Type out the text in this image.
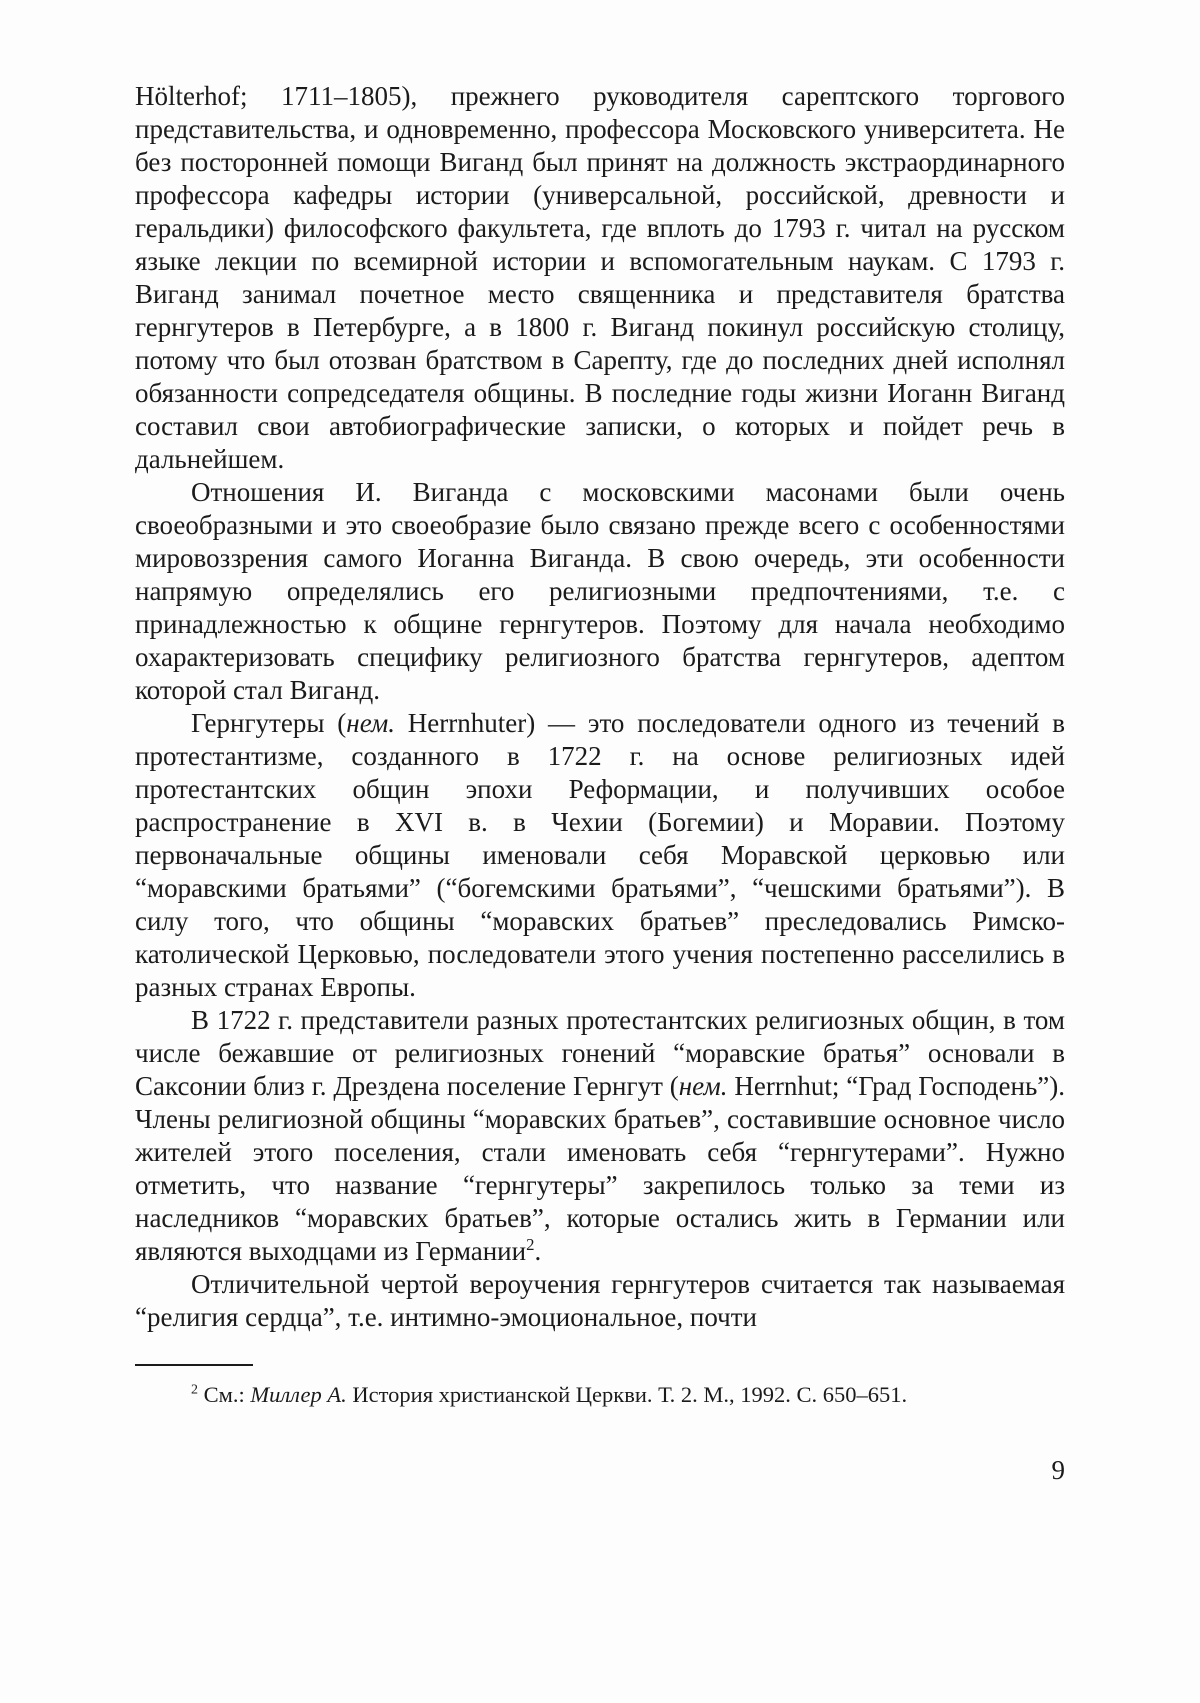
Hölterhof; 1711–1805), прежнего руководителя сарептского торгового представительства, и одновременно, профессора Московского университета. Не без посторонней помощи Виганд был принят на должность экстраординарного профессора кафедры истории (универсальной, российской, древности и геральдики) философского факультета, где вплоть до 1793 г. читал на русском языке лекции по всемирной истории и вспомогательным наукам. С 1793 г. Виганд занимал почетное место священника и представителя братства гернгутеров в Петербурге, а в 1800 г. Виганд покинул российскую столицу, потому что был отозван братством в Сарепту, где до последних дней исполнял обязанности сопредседателя общины. В последние годы жизни Иоганн Виганд составил свои автобиографические записки, о которых и пойдет речь в дальнейшем.

Отношения И. Виганда с московскими масонами были очень своеобразными и это своеобразие было связано прежде всего с особенностями мировоззрения самого Иоганна Виганда. В свою очередь, эти особенности напрямую определялись его религиозными предпочтениями, т.е. с принадлежностью к общине гернгутеров. Поэтому для начала необходимо охарактеризовать специфику религиозного братства гернгутеров, адептом которой стал Виганд.

Гернгутеры (нем. Herrnhuter) — это последователи одного из течений в протестантизме, созданного в 1722 г. на основе религиозных идей протестантских общин эпохи Реформации, и получивших особое распространение в XVI в. в Чехии (Богемии) и Моравии. Поэтому первоначальные общины именовали себя Моравской церковью или “моравскими братьями” (“богемскими братьями”, “чешскими братьями”). В силу того, что общины “моравских братьев” преследовались Римско-католической Церковью, последователи этого учения постепенно расселились в разных странах Европы.

В 1722 г. представители разных протестантских религиозных общин, в том числе бежавшие от религиозных гонений “моравские братья” основали в Саксонии близ г. Дрездена поселение Гернгут (нем. Herrnhut; “Град Господень”). Члены религиозной общины “моравских братьев”, составившие основное число жителей этого поселения, стали именовать себя “гернгутерами”. Нужно отметить, что название “гернгутеры” закрепилось только за теми из наследников “моравских братьев”, которые остались жить в Германии или являются выходцами из Германии$^2$.

Отличительной чертой вероучения гернгутеров считается так называемая “религия сердца”, т.е. интимно-эмоциональное, почти

$^2$ См.: Миллер А. История христианской Церкви. Т. 2. М., 1992. С. 650–651.

9
